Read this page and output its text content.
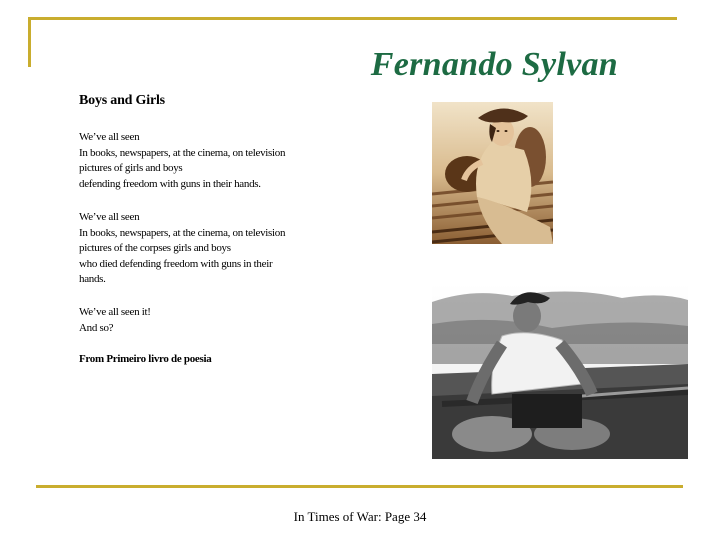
Fernando Sylvan
Boys and Girls
We’ve all seen
In books, newspapers, at the cinema, on television
pictures of girls and boys
defending freedom with guns in their hands.
We’ve all seen
In books, newspapers, at the cinema, on television
pictures of the corpses girls and boys
who died defending freedom with guns in their
hands.
We’ve all seen it!
And so?
From Primeiro livro de poesia
In Times of War: Page 34
